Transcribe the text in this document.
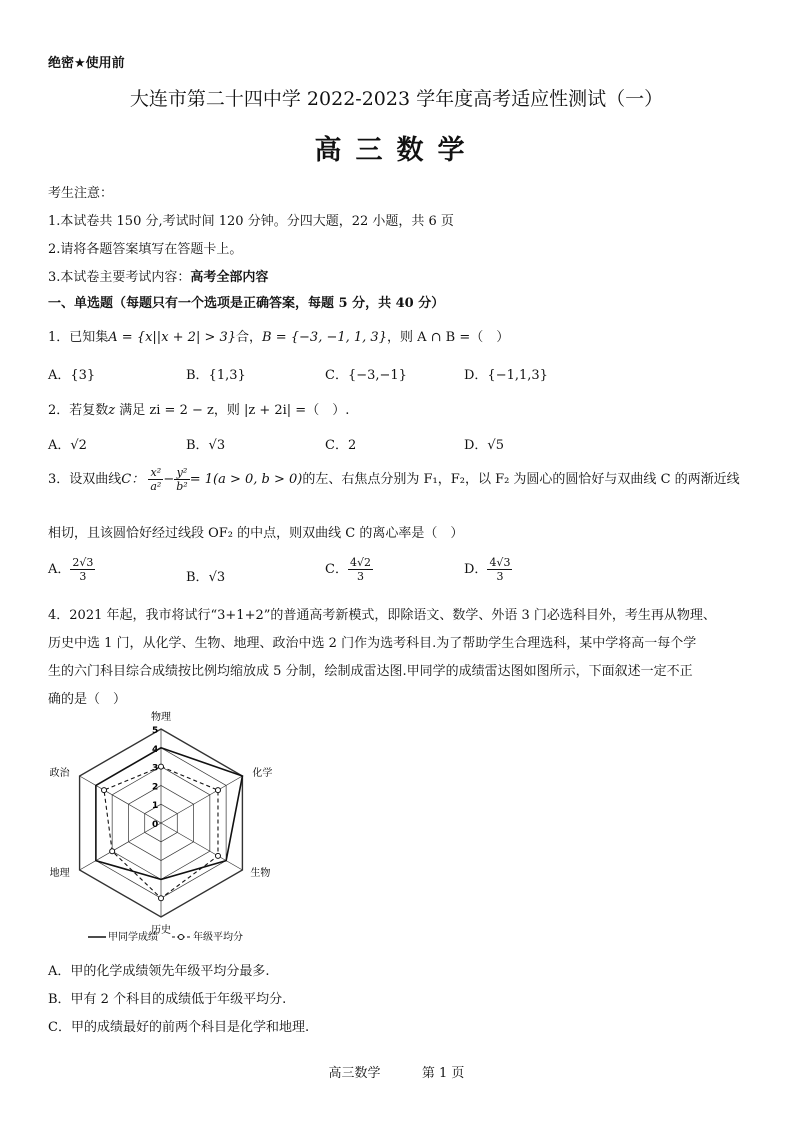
绝密★使用前
大连市第二十四中学 2022-2023 学年度高考适应性测试（一）
高三数学
考生注意：
1.本试卷共 150 分,考试时间 120 分钟。分四大题，22 小题，共 6 页
2.请将各题答案填写在答题卡上。
3.本试卷主要考试内容：高考全部内容
一、单选题（每题只有一个选项是正确答案，每题 5 分，共 40 分）
1．已知集A = {x||x + 2| > 3}合，B = {−3, −1, 1, 3}，则 A ∩ B =（　）
A．{3}	B．{1,3}	C．{−3,−1}	D．{−1,1,3}
2．若复数z 满足 zi = 2 − z，则 |z + 2i| =（　）.
A．√2	B．√3	C．2	D．√5
3．设双曲线C： $\frac{\text{x²}}{\text{a²}} - \frac{\text{y²}}{\text{b²}} = 1(a > 0$, b > 0)的左、右焦点分别为 F₁，F₂，以 F₂ 为圆心的圆恰好与双曲线 C 的两渐近线
相切，且该圆恰好经过线段 OF₂ 的中点，则双曲线 C 的离心率是（　）
A． $\frac{2√3}{3}$	B．√3
C． $\frac{4√2}{3}$	D． $\frac{4√3}{3}$
4．2021 年起，我市将试行“3+1+2”的普通高考新模式，即除语文、数学、外语 3 门必选科目外，考生再从物理、
历史中选 1 门，从化学、生物、地理、政治中选 2 门作为选考科目.为了帮助学生合理选科，某中学将高一每个学
生的六门科目综合成绩按比例均缩放成 5 分制，绘制成雷达图.甲同学的成绩雷达图如图所示，下面叙述一定不正
确的是（　）
0
1
2
3
4
5
物理
化学
生物
历史
地理
政治
甲同学成绩	年级平均分
A．甲的化学成绩领先年级平均分最多.
B．甲有 2 个科目的成绩低于年级平均分.
C．甲的成绩最好的前两个科目是化学和地理.
高三数学	第 1 页
